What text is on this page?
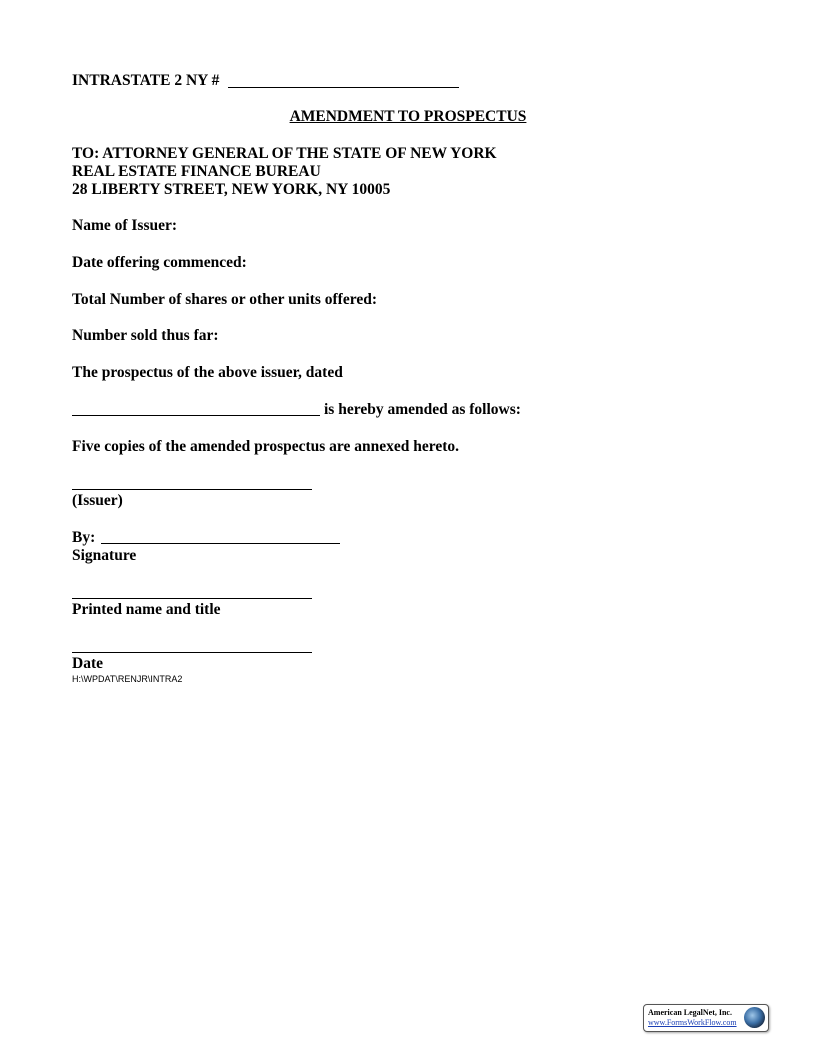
INTRASTATE 2 NY #
AMENDMENT TO PROSPECTUS
TO: ATTORNEY GENERAL OF THE STATE OF NEW YORK
REAL ESTATE FINANCE BUREAU
28 LIBERTY STREET, NEW YORK, NY 10005
Name of Issuer:
Date offering commenced:
Total Number of shares or other units offered:
Number sold thus far:
The prospectus of the above issuer, dated
is hereby amended as follows:
Five copies of the amended prospectus are annexed hereto.
(Issuer)
By:
Signature
Printed name and title
Date
H:\WPDAT\RENJR\INTRA2
American LegalNet, Inc.
www.FormsWorkFlow.com
